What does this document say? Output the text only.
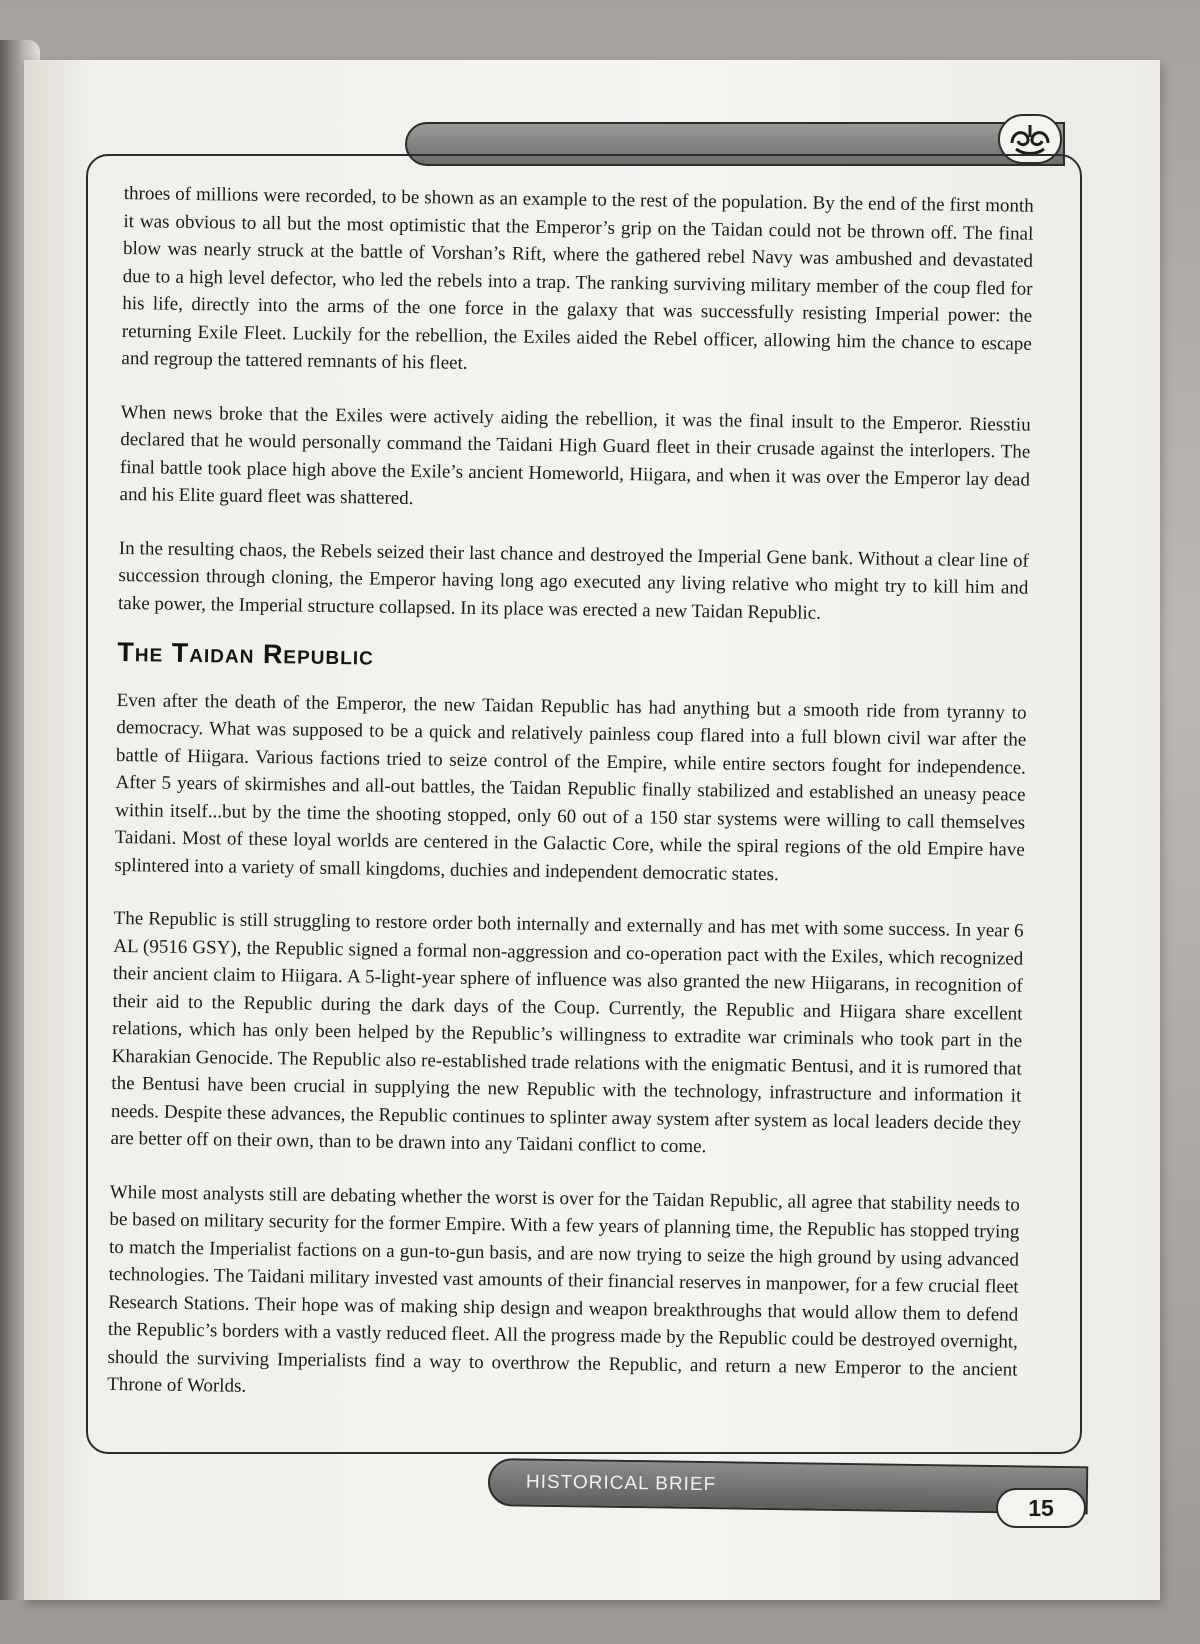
throes of millions were recorded, to be shown as an example to the rest of the population. By the end of the first month it was obvious to all but the most optimistic that the Emperor’s grip on the Taidan could not be thrown off. The final blow was nearly struck at the battle of Vorshan’s Rift, where the gathered rebel Navy was ambushed and devastated due to a high level defector, who led the rebels into a trap. The ranking surviving military member of the coup fled for his life, directly into the arms of the one force in the galaxy that was successfully resisting Imperial power: the returning Exile Fleet. Luckily for the rebellion, the Exiles aided the Rebel officer, allowing him the chance to escape and regroup the tattered remnants of his fleet.

When news broke that the Exiles were actively aiding the rebellion, it was the final insult to the Emperor. Riesstiu declared that he would personally command the Taidani High Guard fleet in their crusade against the interlopers. The final battle took place high above the Exile’s ancient Homeworld, Hiigara, and when it was over the Emperor lay dead and his Elite guard fleet was shattered.

In the resulting chaos, the Rebels seized their last chance and destroyed the Imperial Gene bank. Without a clear line of succession through cloning, the Emperor having long ago executed any living relative who might try to kill him and take power, the Imperial structure collapsed. In its place was erected a new Taidan Republic.

The Taidan Republic

Even after the death of the Emperor, the new Taidan Republic has had anything but a smooth ride from tyranny to democracy. What was supposed to be a quick and relatively painless coup flared into a full blown civil war after the battle of Hiigara. Various factions tried to seize control of the Empire, while entire sectors fought for independence. After 5 years of skirmishes and all-out battles, the Taidan Republic finally stabilized and established an uneasy peace within itself...but by the time the shooting stopped, only 60 out of a 150 star systems were willing to call themselves Taidani. Most of these loyal worlds are centered in the Galactic Core, while the spiral regions of the old Empire have splintered into a variety of small kingdoms, duchies and independent democratic states.

The Republic is still struggling to restore order both internally and externally and has met with some success. In year 6 AL (9516 GSY), the Republic signed a formal non-aggression and co-operation pact with the Exiles, which recognized their ancient claim to Hiigara. A 5-light-year sphere of influence was also granted the new Hiigarans, in recognition of their aid to the Republic during the dark days of the Coup. Currently, the Republic and Hiigara share excellent relations, which has only been helped by the Republic’s willingness to extradite war criminals who took part in the Kharakian Genocide. The Republic also re-established trade relations with the enigmatic Bentusi, and it is rumored that the Bentusi have been crucial in supplying the new Republic with the technology, infrastructure and information it needs. Despite these advances, the Republic continues to splinter away system after system as local leaders decide they are better off on their own, than to be drawn into any Taidani conflict to come.

While most analysts still are debating whether the worst is over for the Taidan Republic, all agree that stability needs to be based on military security for the former Empire. With a few years of planning time, the Republic has stopped trying to match the Imperialist factions on a gun-to-gun basis, and are now trying to seize the high ground by using advanced technologies. The Taidani military invested vast amounts of their financial reserves in manpower, for a few crucial fleet Research Stations. Their hope was of making ship design and weapon breakthroughs that would allow them to defend the Republic’s borders with a vastly reduced fleet. All the progress made by the Republic could be destroyed overnight, should the surviving Imperialists find a way to overthrow the Republic, and return a new Emperor to the ancient Throne of Worlds.

HISTORICAL BRIEF
15
